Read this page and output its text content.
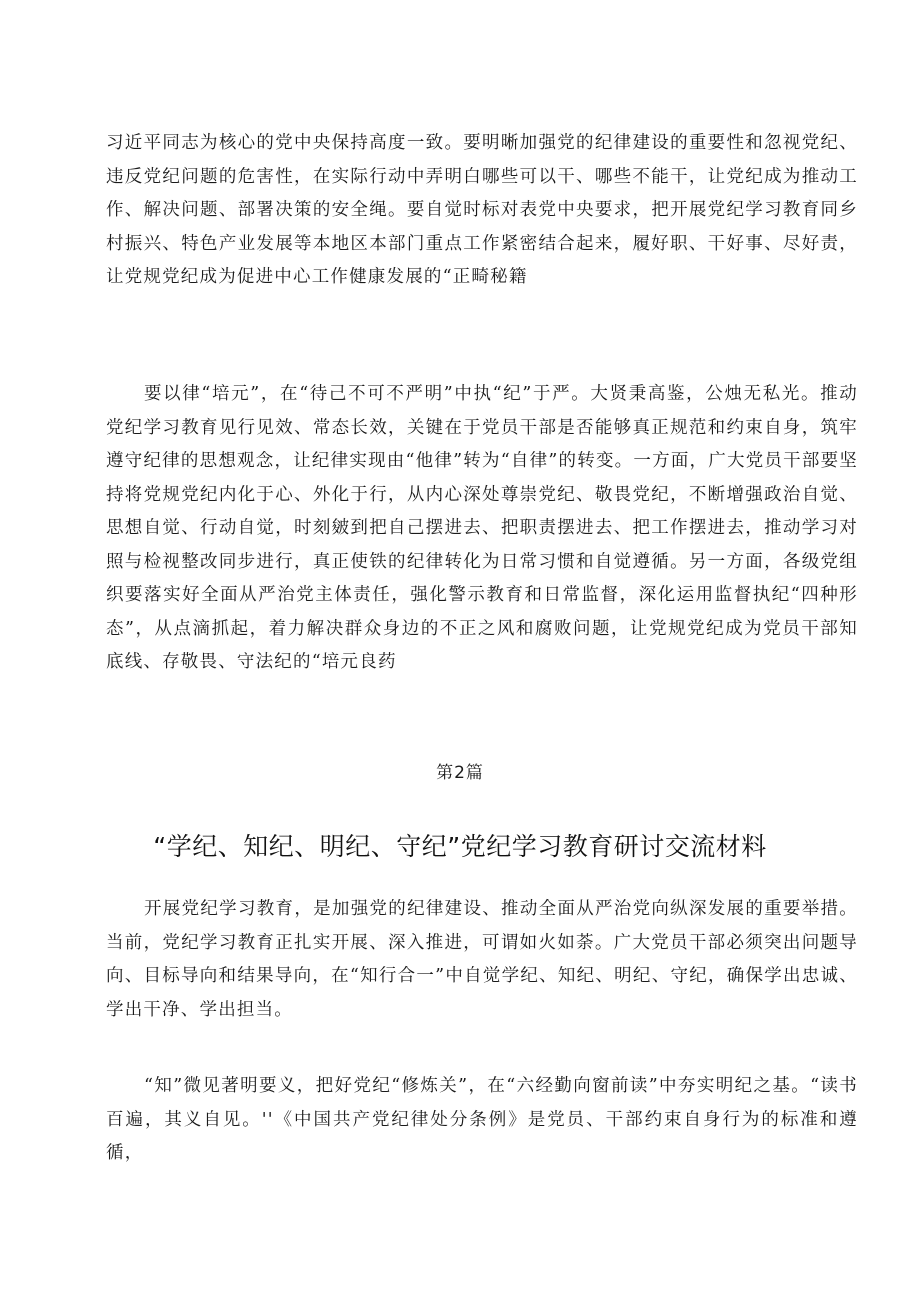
习近平同志为核心的党中央保持高度一致。要明晰加强党的纪律建设的重要性和忽视党纪、违反党纪问题的危害性，在实际行动中弄明白哪些可以干、哪些不能干，让党纪成为推动工作、解决问题、部署决策的安全绳。要自觉时标对表党中央要求，把开展党纪学习教育同乡村振兴、特色产业发展等本地区本部门重点工作紧密结合起来，履好职、干好事、尽好责，让党规党纪成为促进中心工作健康发展的“正畸秘籍

要以律“培元”，在“待己不可不严明”中执“纪”于严。大贤秉高鉴，公烛无私光。推动党纪学习教育见行见效、常态长效，关键在于党员干部是否能够真正规范和约束自身，筑牢遵守纪律的思想观念，让纪律实现由“他律”转为“自律”的转变。一方面，广大党员干部要坚持将党规党纪内化于心、外化于行，从内心深处尊崇党纪、敬畏党纪，不断增强政治自觉、思想自觉、行动自觉，时刻皴到把自己摆进去、把职责摆进去、把工作摆进去，推动学习对照与检视整改同步进行，真正使铁的纪律转化为日常习惯和自觉遵循。另一方面，各级党组织要落实好全面从严治党主体责任，强化警示教育和日常监督，深化运用监督执纪“四种形态”，从点滴抓起，着力解决群众身边的不正之风和腐败问题，让党规党纪成为党员干部知底线、存敬畏、守法纪的“培元良药

第2篇
“学纪、知纪、明纪、守纪”党纪学习教育研讨交流材料

开展党纪学习教育，是加强党的纪律建设、推动全面从严治党向纵深发展的重要举措。当前，党纪学习教育正扎实开展、深入推进，可谓如火如荼。广大党员干部必须突出问题导向、目标导向和结果导向，在“知行合一”中自觉学纪、知纪、明纪、守纪，确保学出忠诚、学出干净、学出担当。

“知”微见著明要义，把好党纪“修炼关”，在“六经勤向窗前读”中夯实明纪之基。“读书百遍，其义自见。''《中国共产党纪律处分条例》是党员、干部约束自身行为的标准和遵循，
